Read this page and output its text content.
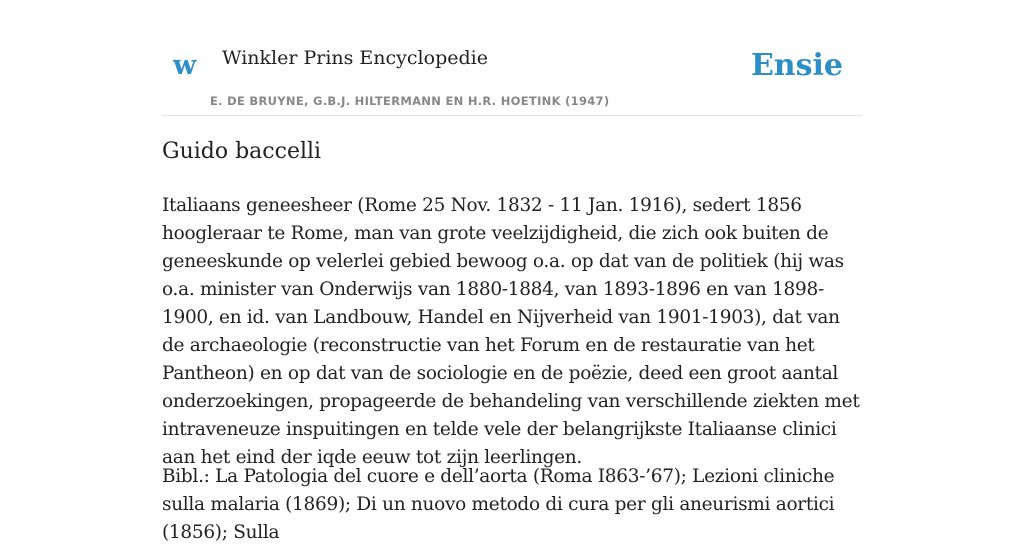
w Winkler Prins Encyclopedie
E. DE BRUYNE, G.B.J. HILTERMANN EN H.R. HOETINK (1947)
Ensie
Guido baccelli

Italiaans geneesheer (Rome 25 Nov. 1832 - 11 Jan. 1916), sedert 1856 hoogleraar te Rome, man van grote veelzijdigheid, die zich ook buiten de geneeskunde op velerlei gebied bewoog o.a. op dat van de politiek (hij was o.a. minister van Onderwijs van 1880-1884, van 1893-1896 en van 1898-1900, en id. van Landbouw, Handel en Nijverheid van 1901-1903), dat van de archaeologie (reconstructie van het Forum en de restauratie van het Pantheon) en op dat van de sociologie en de poëzie, deed een groot aantal onderzoekingen, propageerde de behandeling van verschillende ziekten met intraveneuze inspuitingen en telde vele der belangrijkste Italiaanse clinici aan het eind der iqde eeuw tot zijn leerlingen.

Bibl.: La Patologia del cuore e dell’aorta (Roma I863-’67); Lezioni cliniche sulla malaria (1869); Di un nuovo metodo di cura per gli aneurismi aortici (1856); Sulla
